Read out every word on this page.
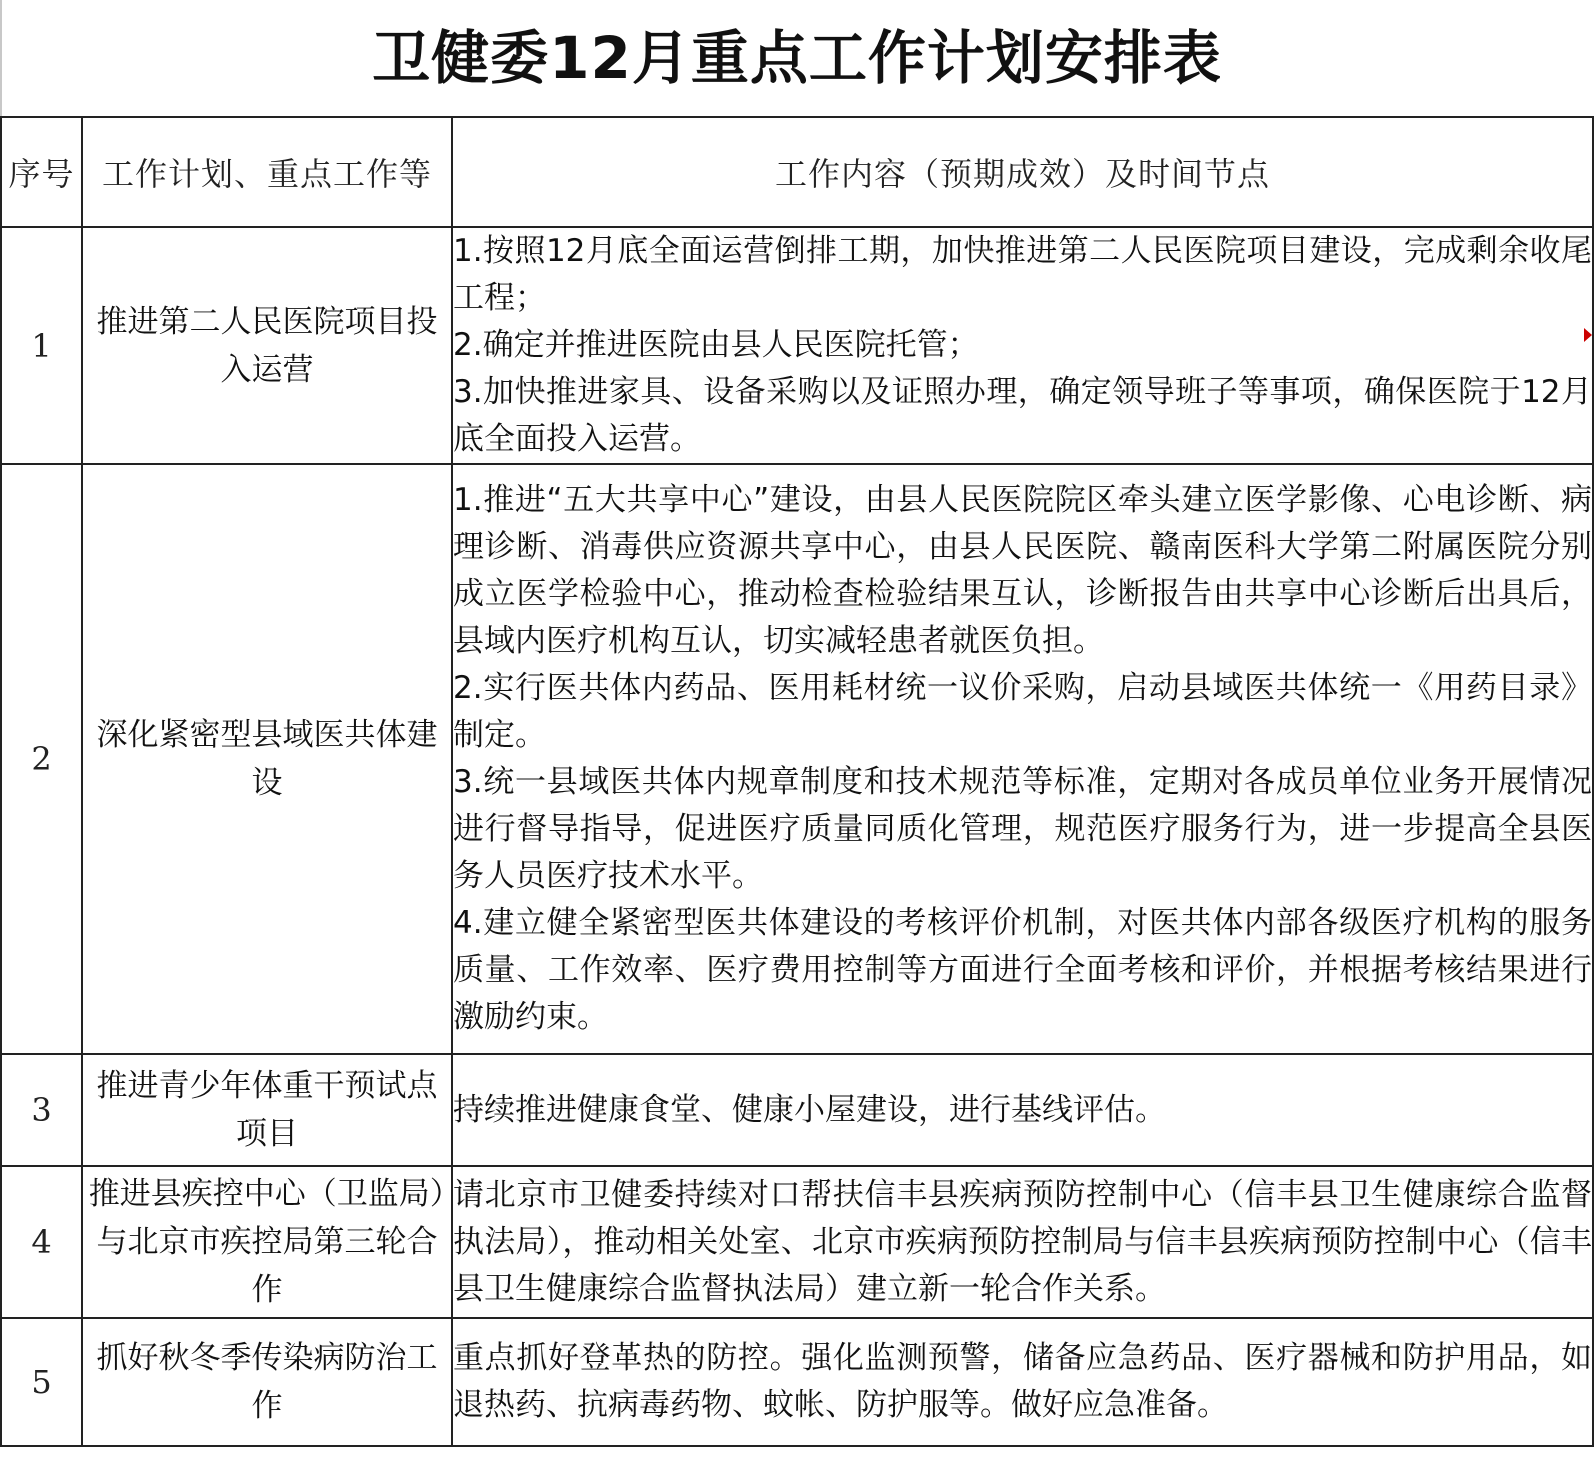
卫健委12月重点工作计划安排表
序号	工作计划、重点工作等	工作内容（预期成效）及时间节点
1	推进第二人民医院项目投入运营	1.按照12月底全面运营倒排工期，加快推进第二人民医院项目建设，完成剩余收尾工程；
2.确定并推进医院由县人民医院托管；
3.加快推进家具、设备采购以及证照办理，确定领导班子等事项，确保医院于12月底全面投入运营。

2	深化紧密型县域医共体建设	1.推进“五大共享中心”建设，由县人民医院院区牵头建立医学影像、心电诊断、病理诊断、消毒供应资源共享中心，由县人民医院、赣南医科大学第二附属医院分别成立医学检验中心，推动检查检验结果互认，诊断报告由共享中心诊断后出具后，县域内医疗机构互认，切实减轻患者就医负担。
2.实行医共体内药品、医用耗材统一议价采购，启动县域医共体统一《用药目录》制定。
3.统一县域医共体内规章制度和技术规范等标准，定期对各成员单位业务开展情况进行督导指导，促进医疗质量同质化管理，规范医疗服务行为，进一步提高全县医务人员医疗技术水平。
4.建立健全紧密型医共体建设的考核评价机制，对医共体内部各级医疗机构的服务质量、工作效率、医疗费用控制等方面进行全面考核和评价，并根据考核结果进行激励约束。

3	推进青少年体重干预试点项目	持续推进健康食堂、健康小屋建设，进行基线评估。

4	推进县疾控中心（卫监局）与北京市疾控局第三轮合作	请北京市卫健委持续对口帮扶信丰县疾病预防控制中心（信丰县卫生健康综合监督执法局），推动相关处室、北京市疾病预防控制局与信丰县疾病预防控制中心（信丰县卫生健康综合监督执法局）建立新一轮合作关系。

5	抓好秋冬季传染病防治工作	重点抓好登革热的防控。强化监测预警，储备应急药品、医疗器械和防护用品，如退热药、抗病毒药物、蚊帐、防护服等。做好应急准备。
